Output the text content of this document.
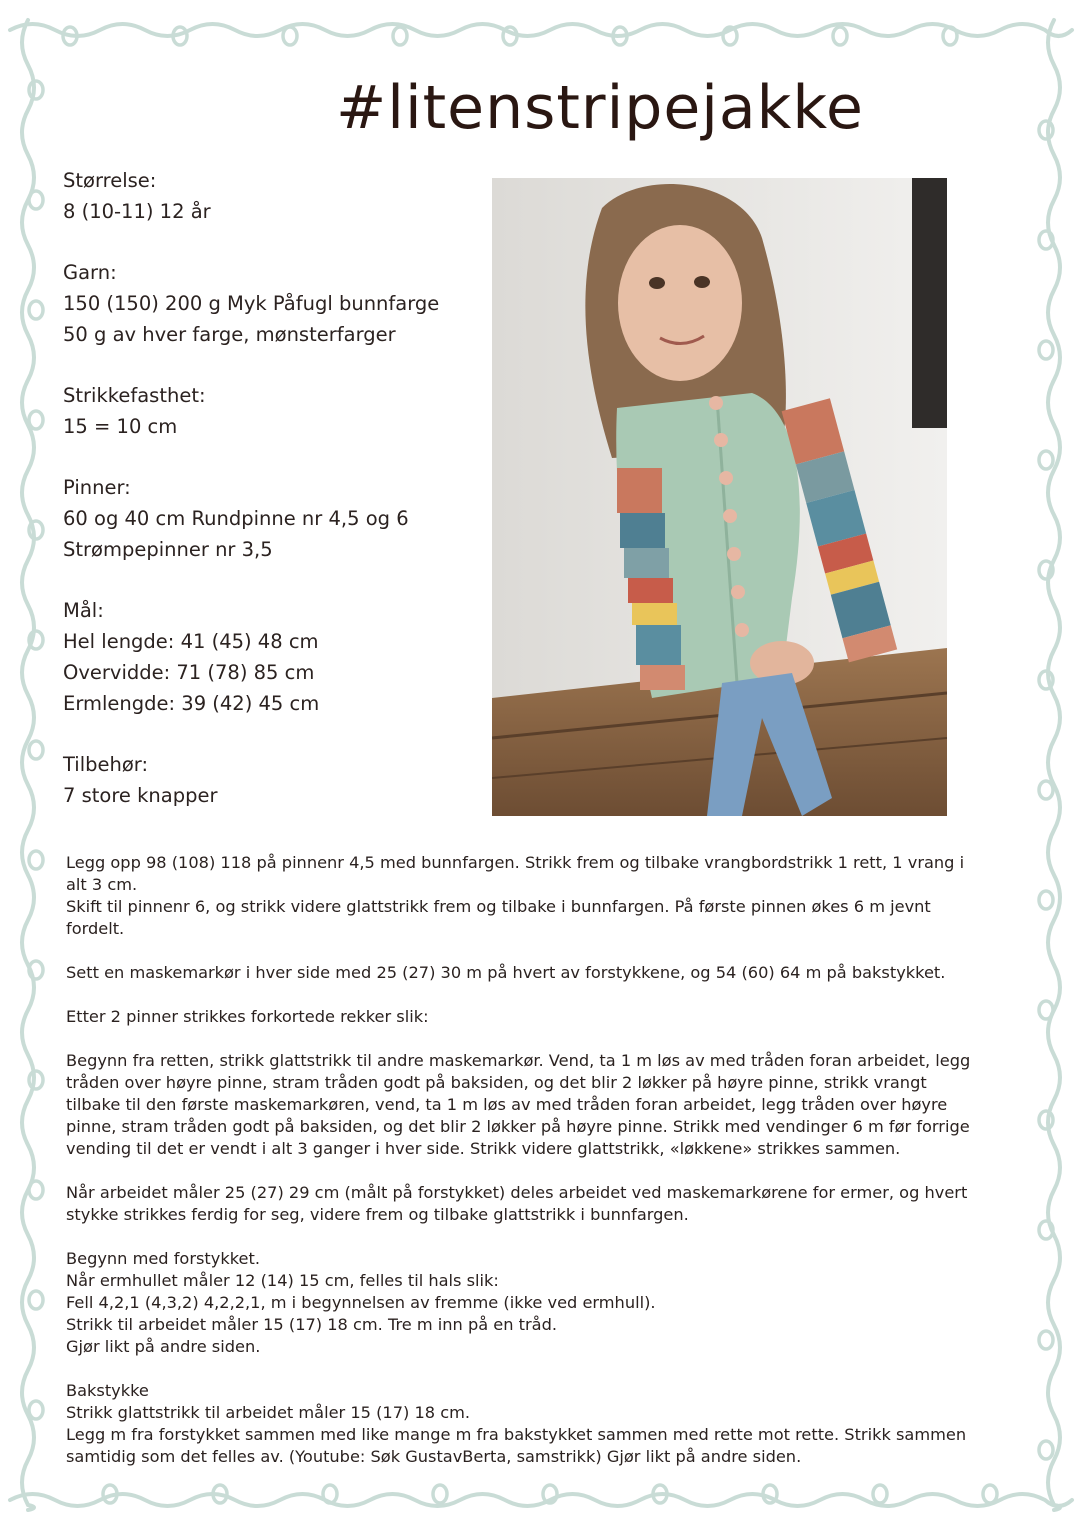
#litenstripejakke
Størrelse:
8 (10-11) 12 år
Garn:
150 (150) 200 g Myk Påfugl bunnfarge
50 g av hver farge, mønsterfarger
Strikkefasthet:
15 = 10 cm
Pinner:
60 og 40 cm Rundpinne nr 4,5 og 6
Strømpepinner nr 3,5
Mål:
Hel lengde: 41 (45) 48 cm
Overvidde: 71 (78) 85 cm
Ermlengde: 39 (42) 45 cm
Tilbehør:
7 store knapper

Legg opp 98 (108) 118 på pinnenr 4,5 med bunnfargen. Strikk frem og tilbake vrangbordstrikk 1 rett, 1 vrang i
alt 3 cm.
Skift til pinnenr 6, og strikk videre glattstrikk frem og tilbake i bunnfargen. På første pinnen økes 6 m jevnt
fordelt.

Sett en maskemarkør i hver side med 25 (27) 30 m på hvert av forstykkene, og 54 (60) 64 m på bakstykket.

Etter 2 pinner strikkes forkortede rekker slik:

Begynn fra retten, strikk glattstrikk til andre maskemarkør. Vend, ta 1 m løs av med tråden foran arbeidet, legg
tråden over høyre pinne, stram tråden godt på baksiden, og det blir 2 løkker på høyre pinne, strikk vrangt
tilbake til den første maskemarkøren, vend, ta 1 m løs av med tråden foran arbeidet, legg tråden over høyre
pinne, stram tråden godt på baksiden, og det blir 2 løkker på høyre pinne. Strikk med vendinger 6 m før forrige
vending til det er vendt i alt 3 ganger i hver side. Strikk videre glattstrikk, «løkkene» strikkes sammen.

Når arbeidet måler 25 (27) 29 cm (målt på forstykket) deles arbeidet ved maskemarkørene for ermer, og hvert
stykke strikkes ferdig for seg, videre frem og tilbake glattstrikk i bunnfargen.

Begynn med forstykket.
Når ermhullet måler 12 (14) 15 cm, felles til hals slik:
Fell 4,2,1 (4,3,2) 4,2,2,1, m i begynnelsen av fremme (ikke ved ermhull).
Strikk til arbeidet måler 15 (17) 18 cm. Tre m inn på en tråd.
Gjør likt på andre siden.

Bakstykke
Strikk glattstrikk til arbeidet måler 15 (17) 18 cm.
Legg m fra forstykket sammen med like mange m fra bakstykket sammen med rette mot rette. Strikk sammen
samtidig som det felles av. (Youtube: Søk GustavBerta, samstrikk) Gjør likt på andre siden.
